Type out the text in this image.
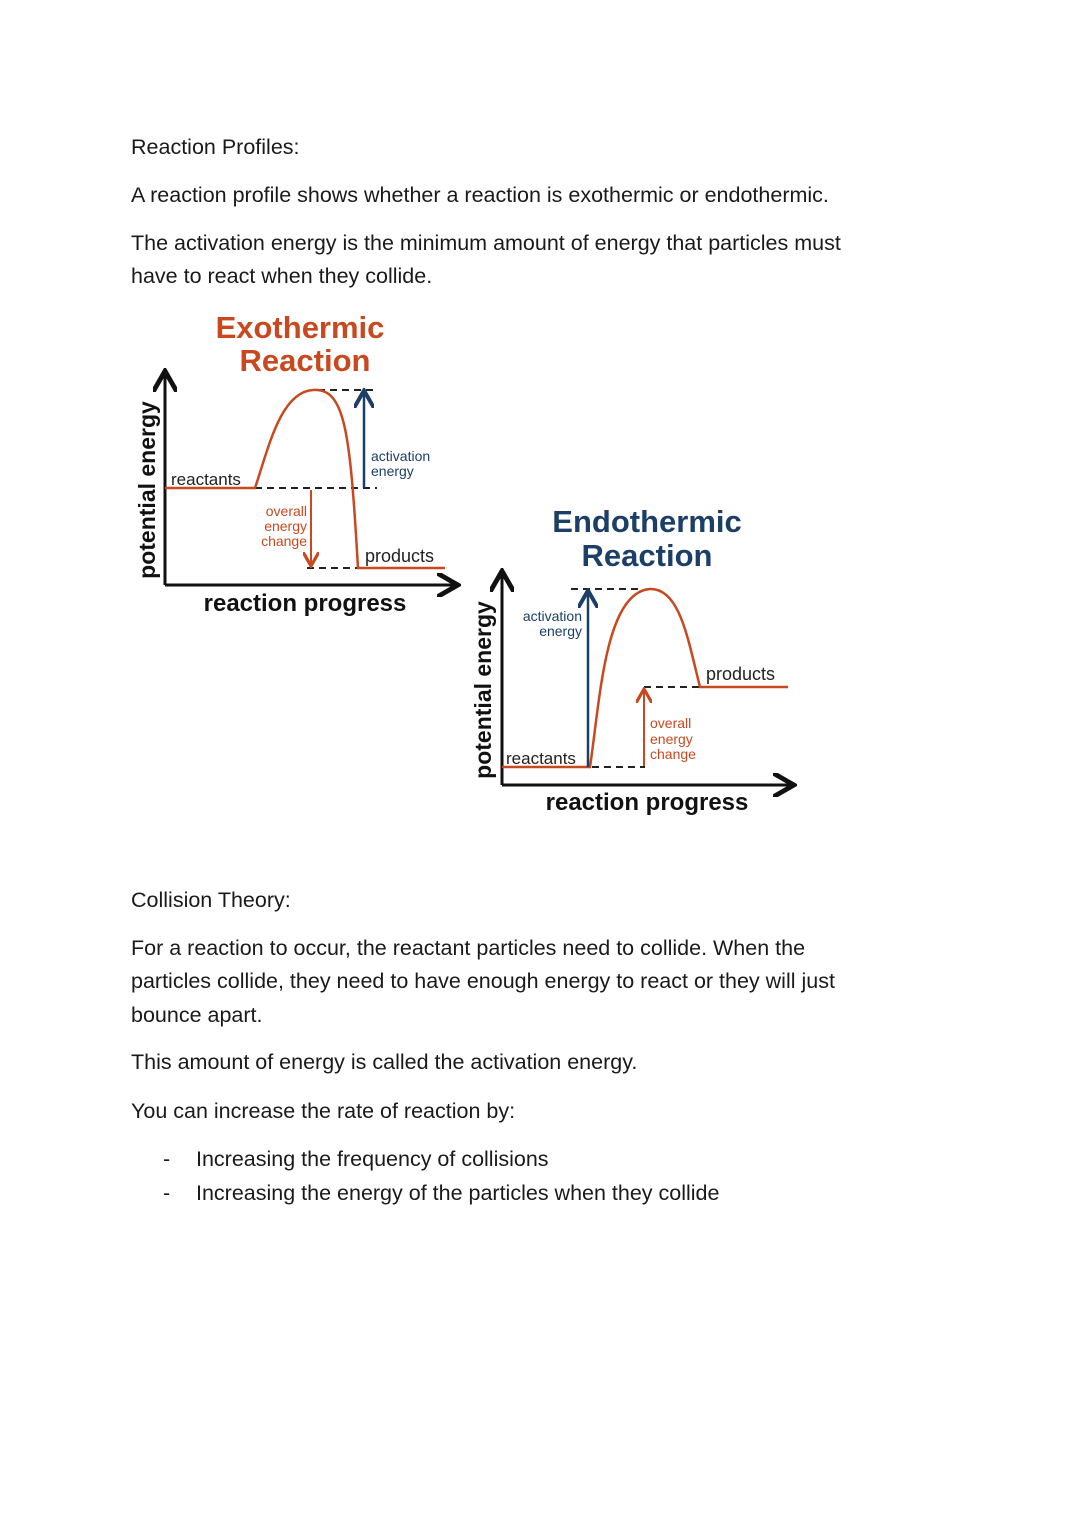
Reaction Profiles:

A reaction profile shows whether a reaction is exothermic or endothermic.

The activation energy is the minimum amount of energy that particles must

have to react when they collide.

Exothermic
Reaction
reactants
products
activation
energy
overall
energy
change
reaction progress
potential energy	Endothermic
Reaction
reactants
products
activation
energy
overall
energy
change
reaction progress
potential energy

Collision Theory:

For a reaction to occur, the reactant particles need to collide. When the

particles collide, they need to have enough energy to react or they will just

bounce apart.

This amount of energy is called the activation energy.

You can increase the rate of reaction by:

- Increasing the frequency of collisions
- Increasing the energy of the particles when they collide
